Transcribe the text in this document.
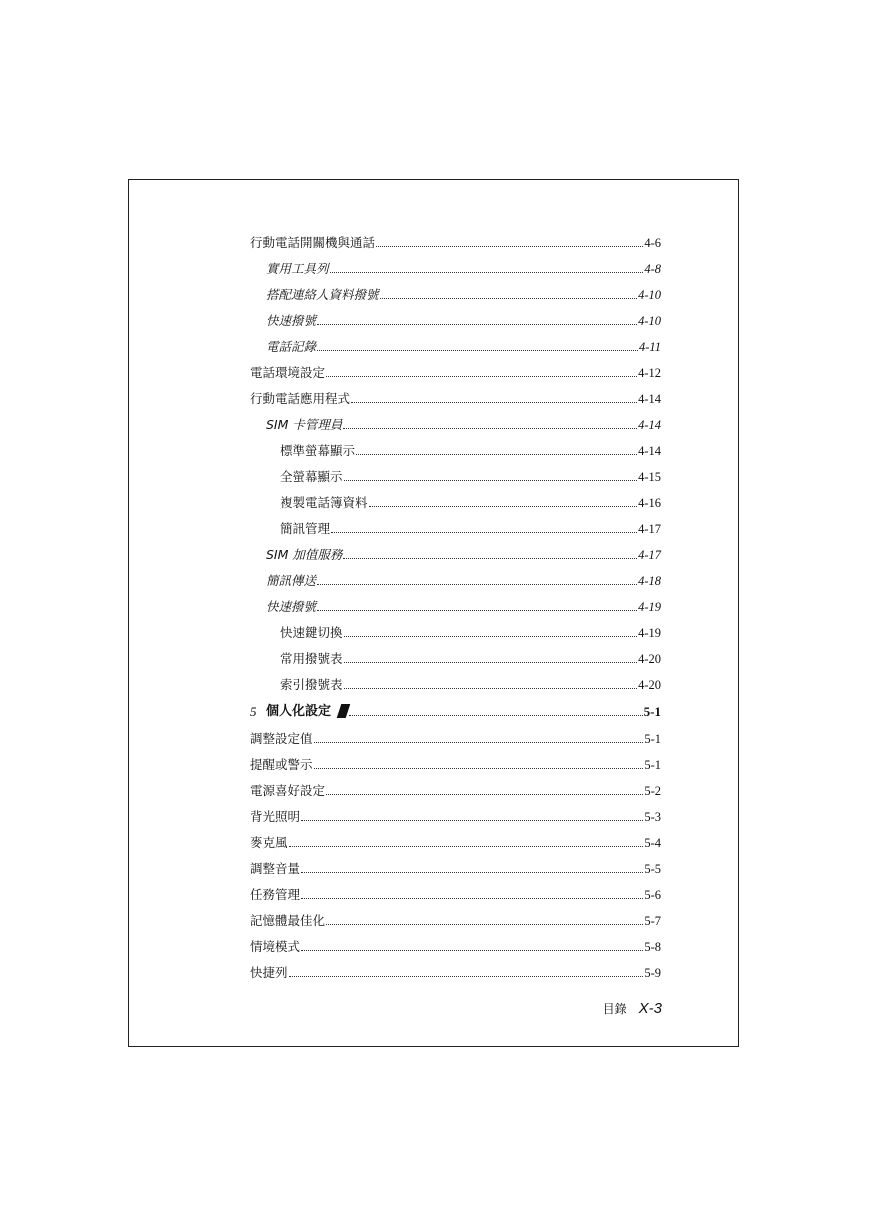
行動電話開關機與通話	4-6
實用工具列	4-8
搭配連絡人資料撥號	4-10
快速撥號	4-10
電話記錄	4-11
電話環境設定	4-12
行動電話應用程式	4-14
SIM 卡管理員	4-14
標準螢幕顯示	4-14
全螢幕顯示	4-15
複製電話簿資料	4-16
簡訊管理	4-17
SIM 加值服務	4-17
簡訊傳送	4-18
快速撥號	4-19
快速鍵切換	4-19
常用撥號表	4-20
索引撥號表	4-20
5 個人化設定	5-1
調整設定值	5-1
提醒或警示	5-1
電源喜好設定	5-2
背光照明	5-3
麥克風	5-4
調整音量	5-5
任務管理	5-6
記憶體最佳化	5-7
情境模式	5-8
快捷列	5-9
目錄 X-3
